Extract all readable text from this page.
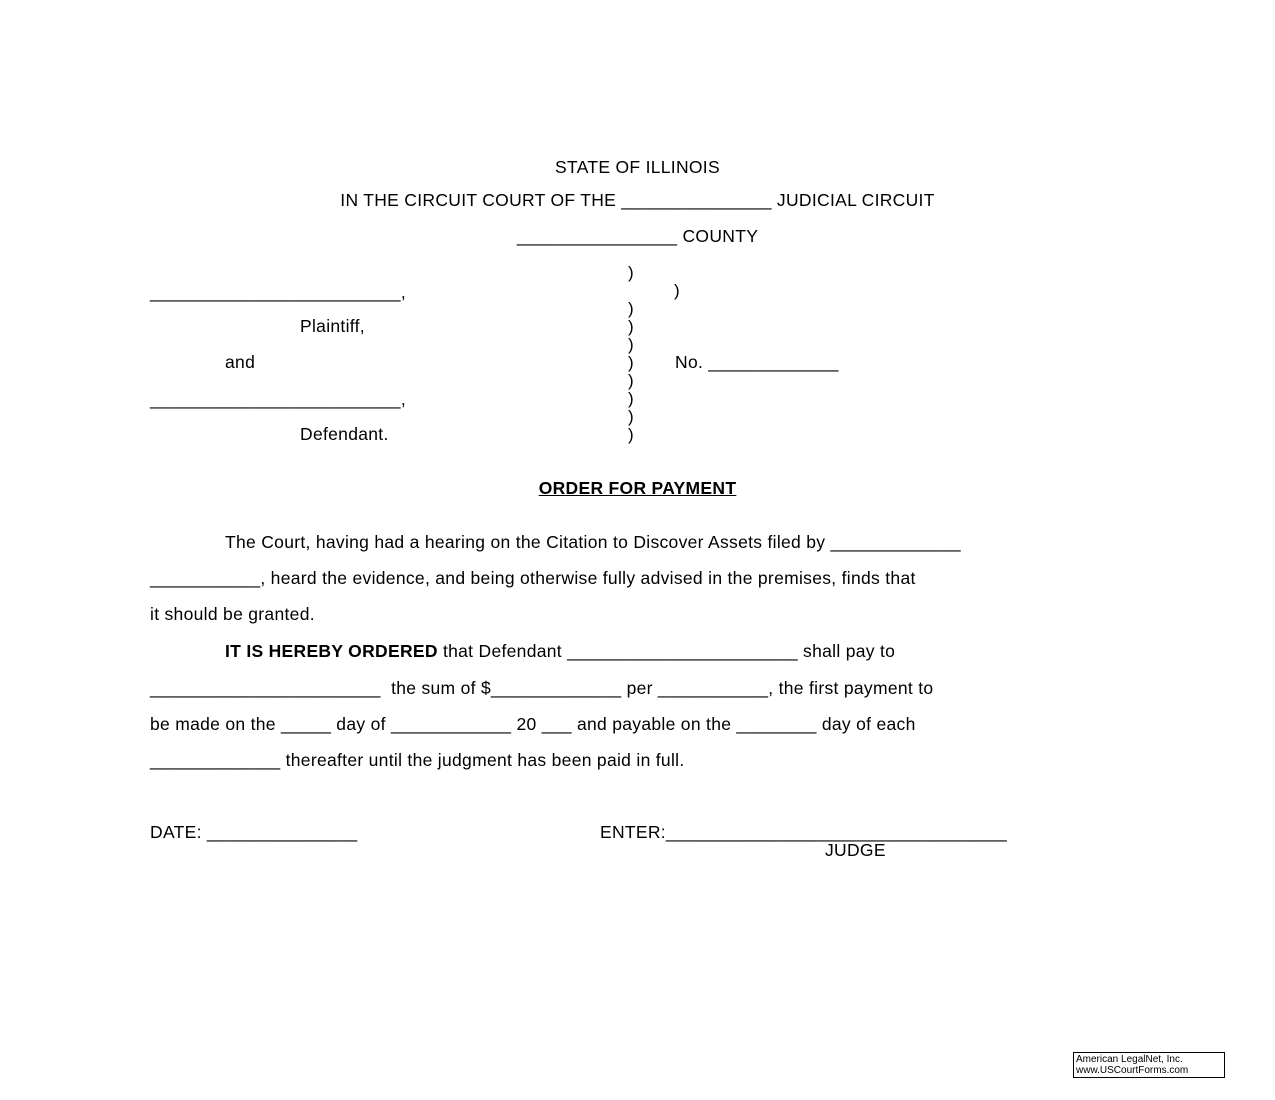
STATE OF ILLINOIS
IN THE CIRCUIT COURT OF THE _______________ JUDICIAL CIRCUIT
________________ COUNTY
_________________________,
Plaintiff,
and
_________________________,
Defendant.
)
)
)
)
)
)
)
)
)
)
No. _____________
ORDER FOR PAYMENT
The Court, having had a hearing on the Citation to Discover Assets filed by _____________
___________, heard the evidence, and being otherwise fully advised in the premises, finds that
it should be granted.
IT IS HEREBY ORDERED that Defendant _______________________ shall pay to
_______________________  the sum of $_____________ per ___________, the first payment to
be made on the _____ day of ____________ 20 ___ and payable on the ________ day of each
_____________ thereafter until the judgment has been paid in full.
DATE: _______________	ENTER:__________________________________
JUDGE
American LegalNet, Inc.
www.USCourtForms.com
